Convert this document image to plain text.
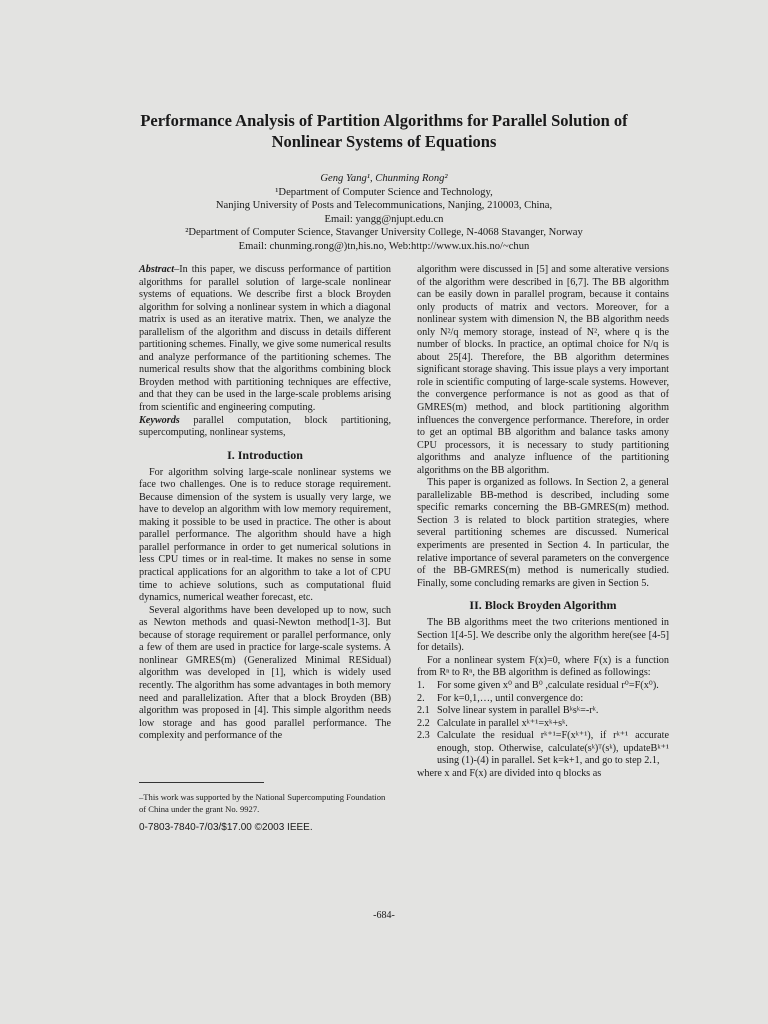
Performance Analysis of Partition Algorithms for Parallel Solution of
Nonlinear Systems of Equations
Geng Yang¹, Chunming Rong²
¹Department of Computer Science and Technology,
Nanjing University of Posts and Telecommunications, Nanjing, 210003, China,
Email: yangg@njupt.edu.cn
²Department of Computer Science, Stavanger University College, N-4068 Stavanger, Norway
Email: chunming.rong@)tn,his.no, Web:http://www.ux.his.no/~chun

Abstract–In this paper, we discuss performance of partition algorithms for parallel solution of large-scale nonlinear systems of equations. We describe first a block Broyden algorithm for solving a nonlinear system in which a diagonal matrix is used as an iterative matrix. Then, we analyze the parallelism of the algorithm and discuss in details different partitioning schemes. Finally, we give some numerical results and analyze performance of the partitioning schemes. The numerical results show that the algorithms combining block Broyden method with partitioning techniques are effective, and that they can be used in the large-scale problems arising from scientific and engineering computing.

Keywords parallel computation, block partitioning, supercomputing, nonlinear systems,

I. Introduction

For algorithm solving large-scale nonlinear systems we face two challenges. One is to reduce storage requirement. Because dimension of the system is usually very large, we have to develop an algorithm with low memory requirement, making it possible to be used in practice. The other is about parallel performance. The algorithm should have a high parallel performance in order to get numerical solutions in less CPU times or in real-time. It makes no sense in some practical applications for an algorithm to take a lot of CPU time to achieve solutions, such as computational fluid dynamics, numerical weather forecast, etc.

Several algorithms have been developed up to now, such as Newton methods and quasi-Newton method[1-3]. But because of storage requirement or parallel performance, only a few of them are used in practice for large-scale systems. A nonlinear GMRES(m) (Generalized Minimal RESidual) algorithm was developed in [1], which is widely used recently. The algorithm has some advantages in both memory need and parallelization. After that a block Broyden (BB) algorithm was proposed in [4]. This simple algorithm needs low storage and has good parallel performance. The complexity and performance of the

algorithm were discussed in [5] and some alterative versions of the algorithm were described in [6,7]. The BB algorithm can be easily down in parallel program, because it contains only products of matrix and vectors. Moreover, for a nonlinear system with dimension N, the BB algorithm needs only N²/q memory storage, instead of N², where q is the number of blocks. In practice, an optimal choice for N/q is about 25[4]. Therefore, the BB algorithm determines significant storage shaving. This issue plays a very important role in scientific computing of large-scale systems. However, the convergence performance is not as good as that of GMRES(m) method, and block partitioning algorithm influences the convergence performance. Therefore, in order to get an optimal BB algorithm and balance tasks amony CPU processors, it is necessary to study partitioning algorithms and analyze influence of the partitioning algorithms on the BB algorithm.

This paper is organized as follows. In Section 2, a general parallelizable BB-method is described, including some specific remarks concerning the BB-GMRES(m) method. Section 3 is related to block partition strategies, where several partitioning schemes are discussed. Numerical experiments are presented in Section 4. In particular, the relative importance of several parameters on the convergence of the BB-GMRES(m) method is numerically studied. Finally, some concluding remarks are given in Section 5.

II. Block Broyden Algorithm

The BB algorithms meet the two criterions mentioned in Section 1[4-5]. We describe only the algorithm here(see [4-5] for details).

For a nonlinear system F(x)=0, where F(x) is a function from Rⁿ to Rⁿ, the BB algorithm is defined as followings:

1.	For some given x⁰ and B⁰ ,calculate residual r⁰=F(x⁰).
2.	For k=0,1,…, until convergence do:
2.1 Solve linear system in parallel Bᵏsᵏ=-rᵏ.
2.2 Calculate in parallel xᵏ⁺¹=xᵏ+sᵏ.
2.3 Calculate the residual rᵏ⁺¹=F(xᵏ⁺¹), if rᵏ⁺¹ accurate enough, stop. Otherwise, calculate(sᵏ)ᵀ(sᵏ), updateBᵏ⁺¹ using (1)-(4) in parallel. Set k=k+1, and go to step 2.1,

where x and F(x) are divided into q blocks as

–This work was supported by the National Supercomputing Foundation of China under the grant No. 9927.
0-7803-7840-7/03/$17.00 ©2003 IEEE.
-684-
